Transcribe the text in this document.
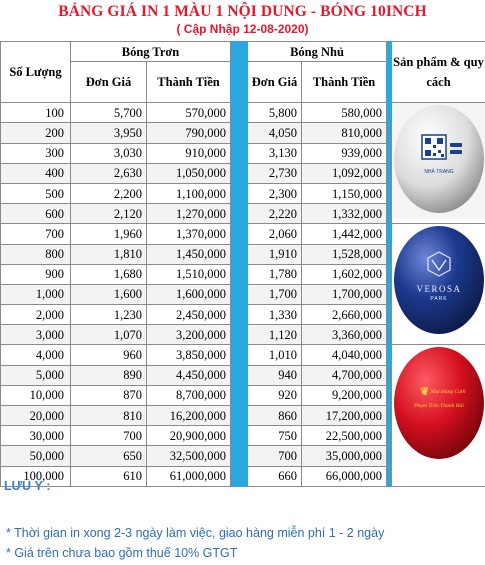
BẢNG GIÁ IN 1 MÀU 1 NỘI DUNG - BÓNG 10INCH
( Cập Nhập 12-08-2020)
Số Lượng	Bóng Trơn			Bóng Nhủ			Sản phẩm & quy cách
	Đơn Giá	Thành Tiền		Đơn Giá	Thành Tiền		
100	5,700	570,000		5,800	580,000		NHÀ TRANG

200	3,950	790,000		4,050	810,000		
300	3,030	910,000		3,130	939,000		
400	2,630	1,050,000		2,730	1,092,000		
500	2,200	1,100,000		2,300	1,150,000		
600	2,120	1,270,000		2,220	1,332,000		
700	1,960	1,370,000		2,060	1,442,000		VEROSA
PARK

800	1,810	1,450,000		1,910	1,528,000		
900	1,680	1,510,000		1,780	1,602,000		
1,000	1,600	1,600,000		1,700	1,700,000		
2,000	1,230	2,450,000		1,330	2,660,000		
3,000	1,070	3,200,000		1,120	3,360,000		
4,000	960	3,850,000		1,010	4,040,000		❦ Nhà Hàng Cưới
Phạm Trần Thanh Hải

5,000	890	4,450,000		940	4,700,000		
10,000	870	8,700,000		920	9,200,000		
20,000	810	16,200,000		860	17,200,000		
30,000	700	20,900,000		750	22,500,000		
50,000	650	32,500,000		700	35,000,000		
100,000	610	61,000,000		660	66,000,000		
LƯU Ý :
* Thời gian in xong 2-3 ngày làm việc, giao hàng miễn phí 1 - 2 ngày
* Giá trên chưa bao gồm thuế 10% GTGT
